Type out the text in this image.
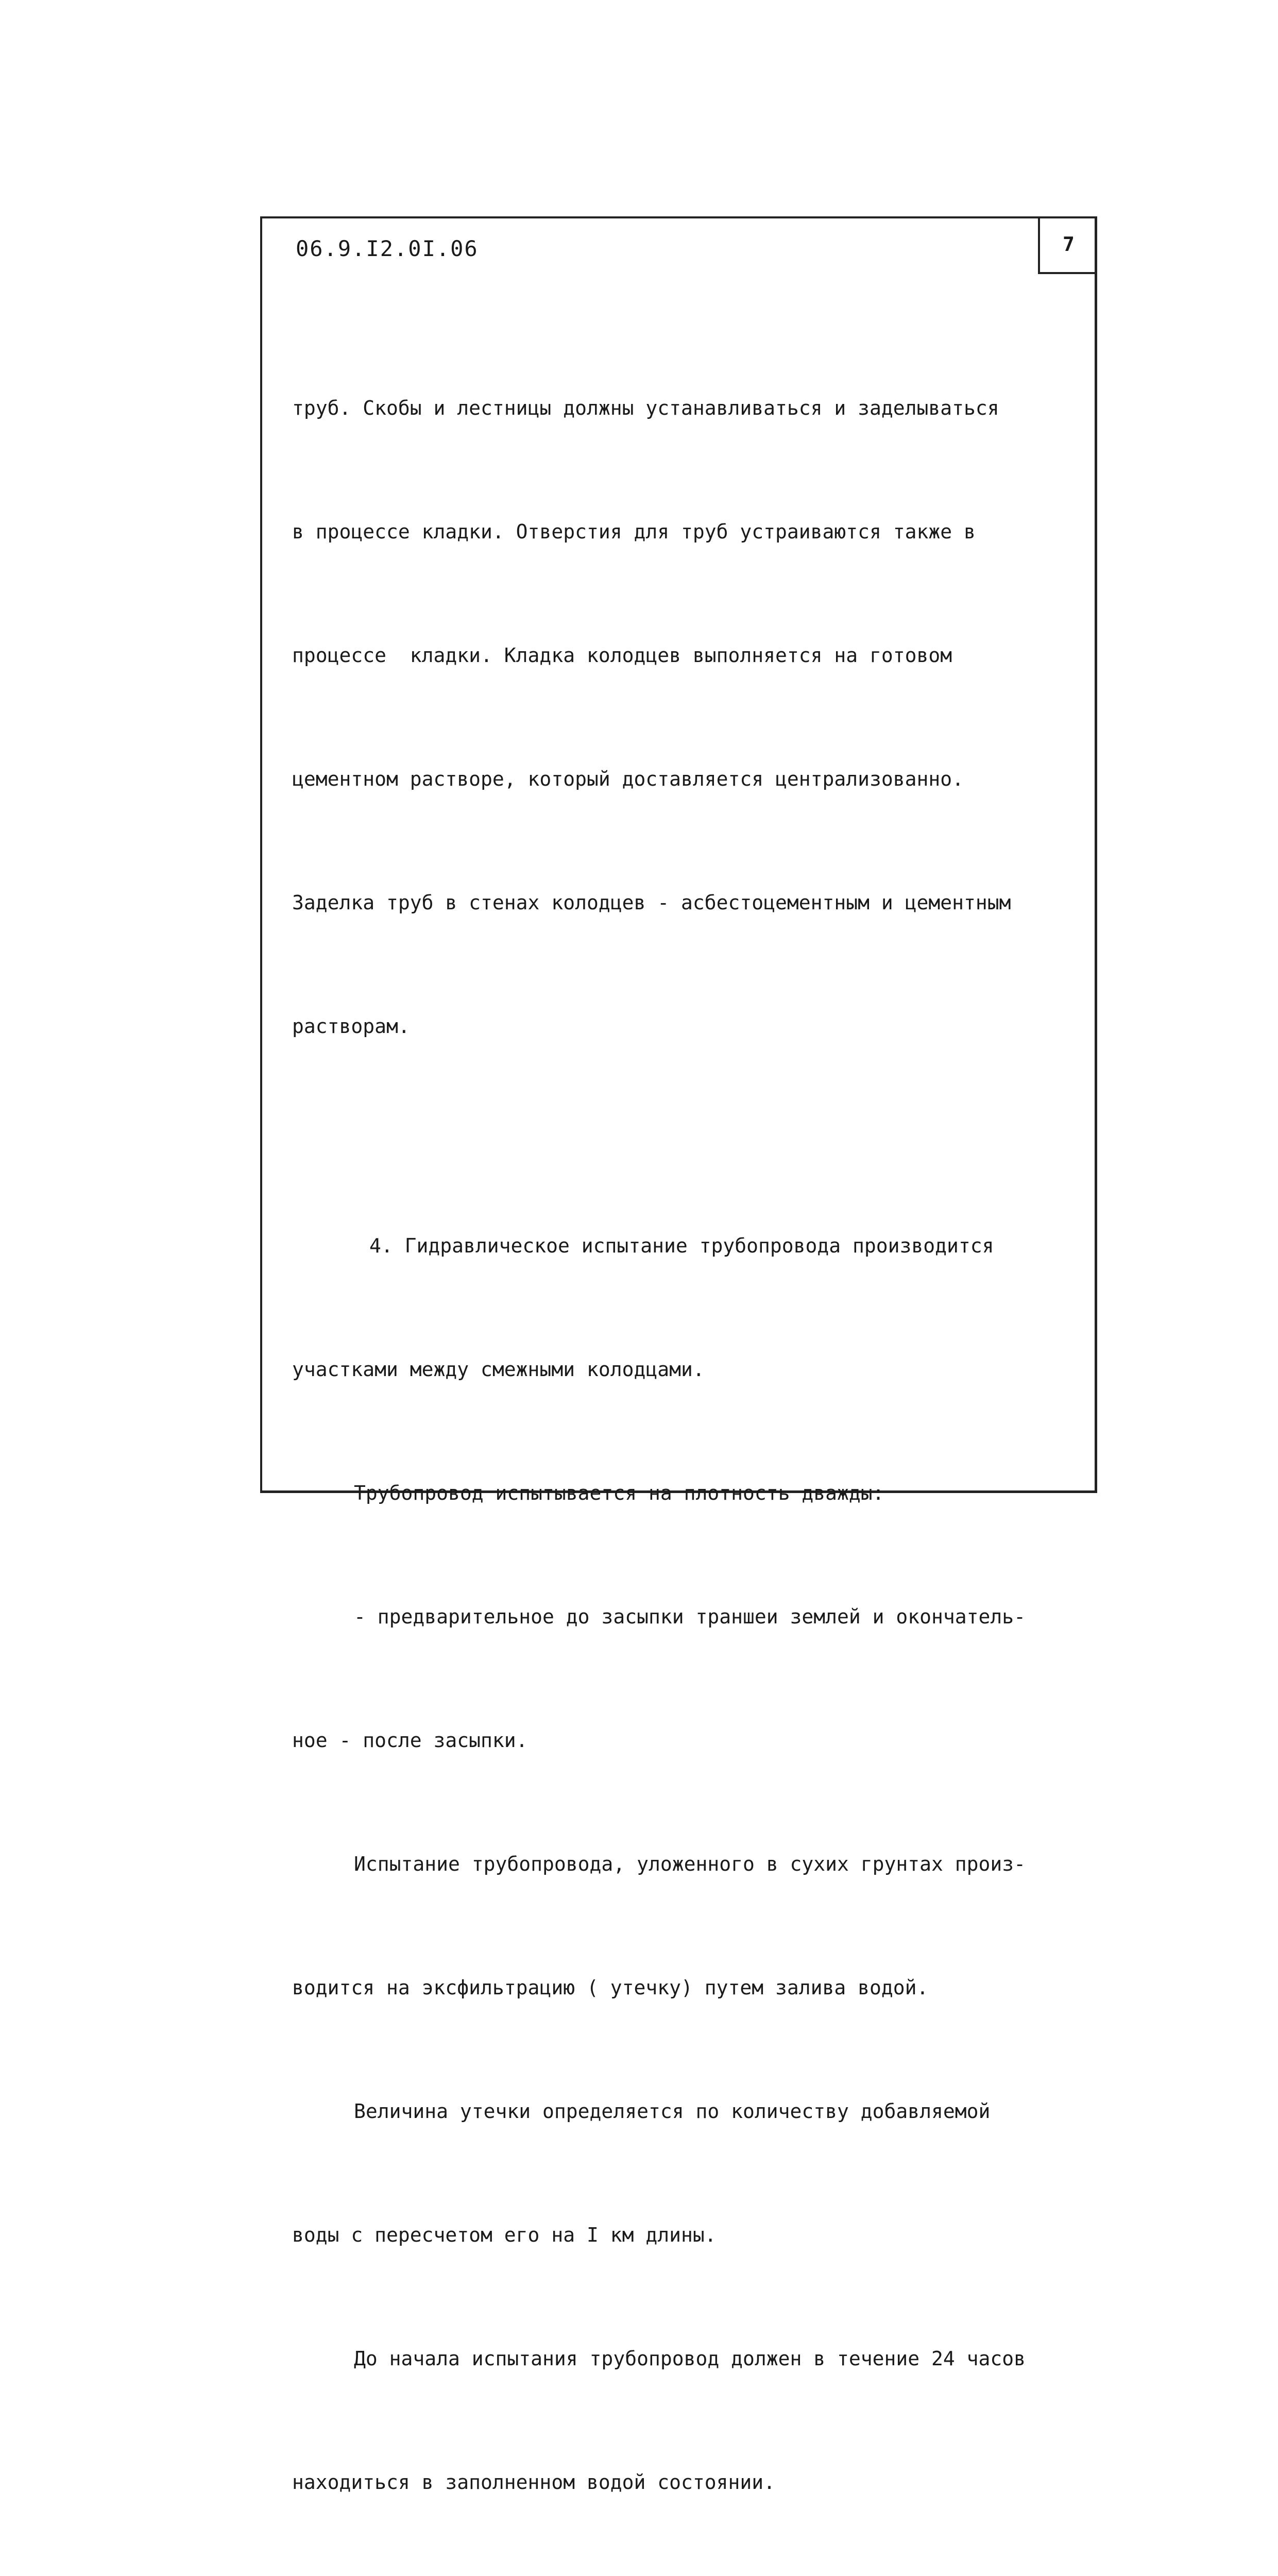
7
06.9.I2.0I.06

труб. Скобы и лестницы должны устанавливаться и заделываться

в процессе кладки. Отверстия для труб устраиваются также в

процессе  кладки. Кладка колодцев выполняется на готовом

цементном растворе, который доставляется централизованно.

Заделка труб в стенах колодцев - асбестоцементным и цементным

растворам.

4. Гидравлическое испытание трубопровода производится

участками между смежными колодцами.

Трубопровод испытывается на плотность дважды:

- предварительное до засыпки траншеи землей и окончатель-

ное - после засыпки.

Испытание трубопровода, уложенного в сухих грунтах произ-

водится на эксфильтрацию ( утечку) путем залива водой.

Величина утечки определяется по количеству добавляемой

воды с пересчетом его на I км длины.

До начала испытания трубопровод должен в течение 24 часов

находиться в заполненном водой состоянии.
